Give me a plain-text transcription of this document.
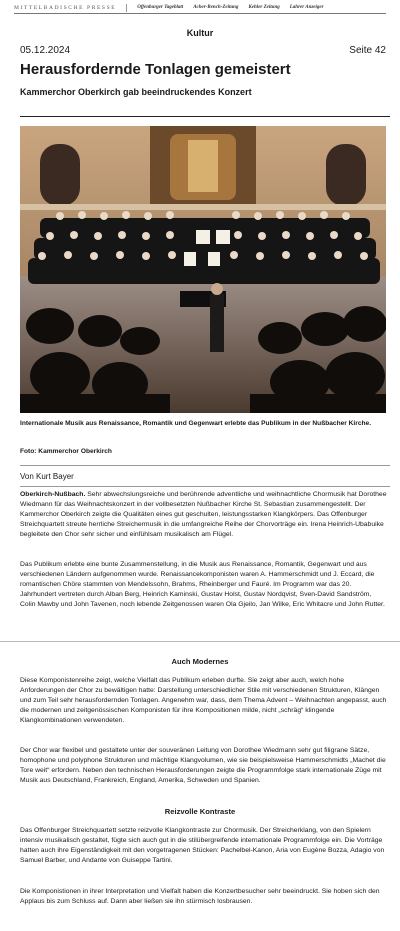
MITTELBADISCHE PRESSE	Offenburger Tageblatt Acher-Rench-Zeitung Kehler Zeitung Lahrer Anzeiger
Kultur
05.12.2024	Seite 42
Herausfordernde Tonlagen gemeistert
Kammerchor Oberkirch gab beeindruckendes Konzert

Internationale Musik aus Renaissance, Romantik und Gegenwart erlebte das Publikum in der Nußbacher Kirche.

Foto: Kammerchor Oberkirch

Von Kurt Bayer

Oberkirch-Nußbach. Sehr abwechslungsreiche und berührende adventliche und weihnachtliche Chormusik hat Dorothee Wiedmann für das Weihnachtskonzert in der vollbesetzten Nußbacher Kirche St. Sebastian zusammengestellt. Der Kammerchor Oberkirch zeigte die Qualitäten eines gut geschulten, leistungsstarken Klangkörpers. Das Offenburger Streichquartett streute herrliche Streichermusik in die umfangreiche Reihe der Chorvorträge ein. Irena Heinrich-Ubabuike begleitete den Chor sehr sicher und einfühlsam musikalisch am Flügel.

Das Publikum erlebte eine bunte Zusammenstellung, in die Musik aus Renaissance, Romantik, Gegenwart und aus verschiedenen Ländern aufgenommen wurde. Renaissancekomponisten waren A. Hammerschmidt und J. Eccard, die romantischen Chöre stammten von Mendelssohn, Brahms, Rheinberger und Fauré. Im Programm war das 20. Jahrhundert vertreten durch Alban Berg, Heinrich Kaminski, Gustav Holst, Gustav Nordqvist, Sven-David Sandström, Colin Mawby und John Tavenen, noch lebende Zeitgenossen waren Ola Gjeilo, Jan Wilke, Eric Whitacre und John Rutter.

Auch Modernes

Diese Komponistenreihe zeigt, welche Vielfalt das Publikum erleben durfte. Sie zeigt aber auch, welch hohe Anforderungen der Chor zu bewältigen hatte: Darstellung unterschiedlicher Stile mit verschiedenen Strukturen, Klängen und zum Teil sehr herausfordernden Tonlagen. Angenehm war, dass, dem Thema Advent – Weihnachten angepasst, auch die modernen und zeitgenössischen Komponisten für ihre Kompositionen milde, nicht „schräg“ klingende Klangkombinationen verwendeten.

Der Chor war flexibel und gestaltete unter der souveränen Leitung von Dorothee Wiedmann sehr gut filigrane Sätze, homophone und polyphone Strukturen und mächtige Klangvolumen, wie sie beispielsweise Hammerschmidts „Machet die Tore weit“ erfordern. Neben den technischen Herausforderungen zeigte die Programmfolge stark internationale Züge mit Musik aus Deutschland, Frankreich, England, Amerika, Schweden und Spanien.

Reizvolle Kontraste

Das Offenburger Streichquartett setzte reizvolle Klangkontraste zur Chormusik. Der Streicherklang, von den Spielern intensiv musikalisch gestaltet, fügte sich auch gut in die stilübergreifende internationale Programmfolge ein. Die Vorträge hatten auch ihre Eigenständigkeit mit den vorgetragenen Stücken: Pachelbel-Kanon, Aria von Eugène Bozza, Adagio von Samuel Barber, und Andante von Guiseppe Tartini.

Die Komponistionen in ihrer Interpretation und Vielfalt haben die Konzertbesucher sehr beeindruckt. Sie hoben sich den Applaus bis zum Schluss auf. Dann aber ließen sie ihn stürmisch losbrausen.
